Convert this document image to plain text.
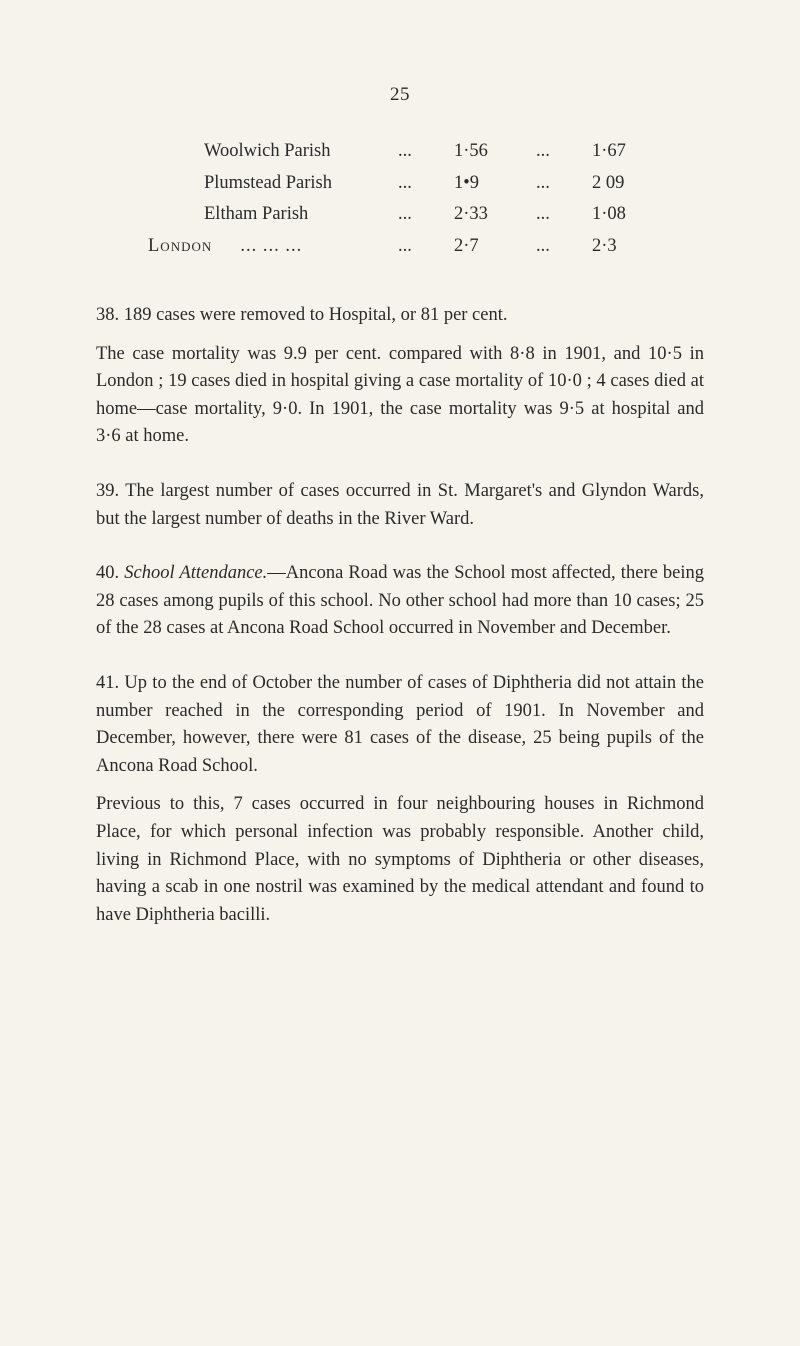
25
Woolwich Parish	...	1·56	...	1·67
Plumstead Parish	...	1•9	...	2 09
Eltham Parish	...	2·33	...	1·08
London ... ... ...	...	2·7	...	2·3

38. 189 cases were removed to Hospital, or 81 per cent.

The case mortality was 9.9 per cent. compared with 8·8 in 1901, and 10·5 in London ; 19 cases died in hospital giving a case mortality of 10·0 ; 4 cases died at home—case mortality, 9·0. In 1901, the case mortality was 9·5 at hospital and 3·6 at home.

39. The largest number of cases occurred in St. Margaret's and Glyndon Wards, but the largest number of deaths in the River Ward.

40. School Attendance.—Ancona Road was the School most affected, there being 28 cases among pupils of this school. No other school had more than 10 cases; 25 of the 28 cases at Ancona Road School occurred in November and December.

41. Up to the end of October the number of cases of Diphtheria did not attain the number reached in the corresponding period of 1901. In November and December, however, there were 81 cases of the disease, 25 being pupils of the Ancona Road School.

Previous to this, 7 cases occurred in four neighbouring houses in Richmond Place, for which personal infection was probably responsible. Another child, living in Richmond Place, with no symptoms of Diphtheria or other diseases, having a scab in one nostril was examined by the medical attendant and found to have Diphtheria bacilli.
